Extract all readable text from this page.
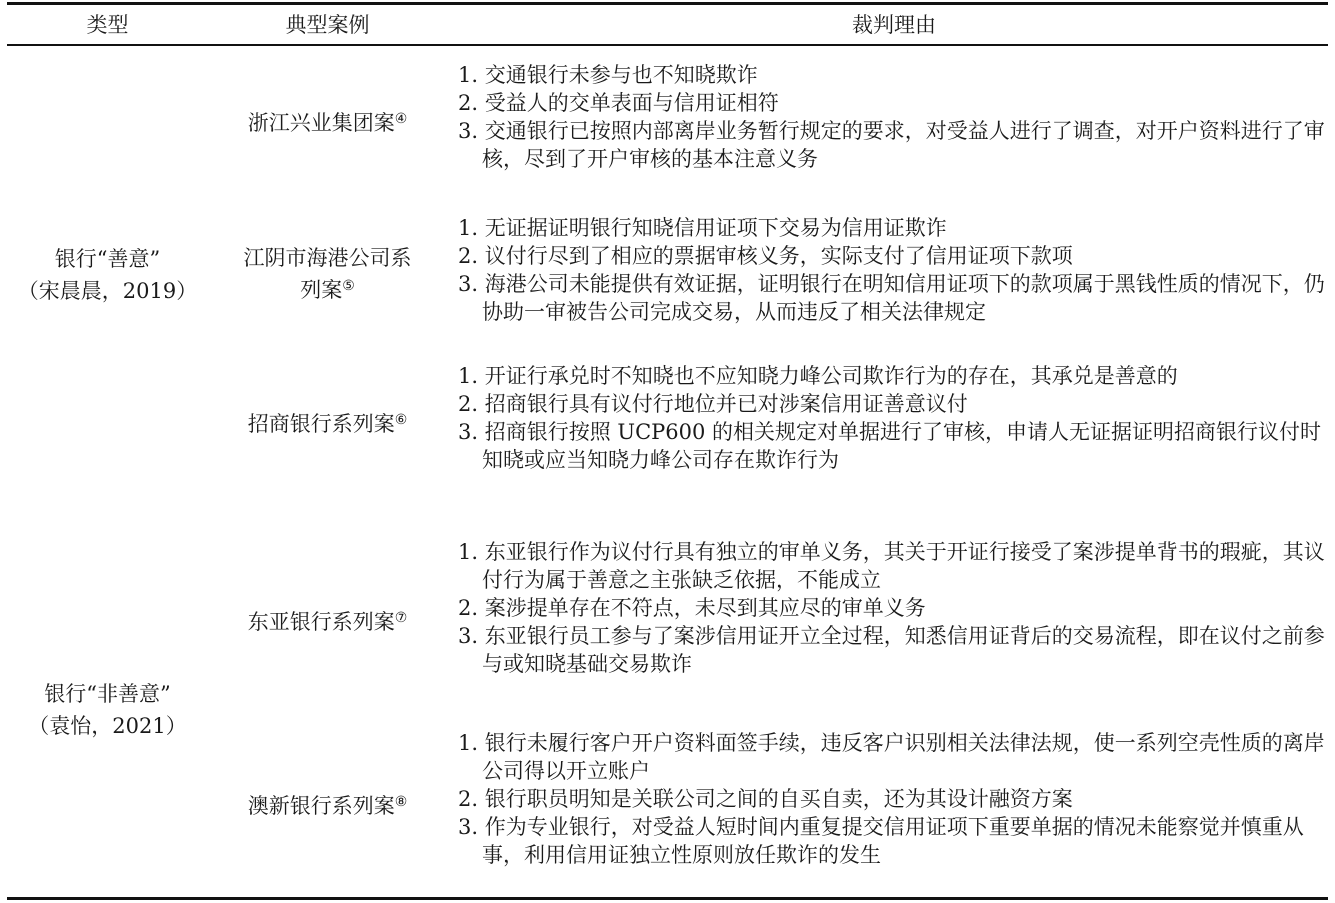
类型	典型案例	裁判理由
银行“善意”
（宋晨晨，2019）
浙江兴业集团案④
1. 交通银行未参与也不知晓欺诈
2. 受益人的交单表面与信用证相符
3. 交通银行已按照内部离岸业务暂行规定的要求，对受益人进行了调查，对开户资料进行了审核，尽到了开户审核的基本注意义务
江阴市海港公司系
列案⑤
1. 无证据证明银行知晓信用证项下交易为信用证欺诈
2. 议付行尽到了相应的票据审核义务，实际支付了信用证项下款项
3. 海港公司未能提供有效证据，证明银行在明知信用证项下的款项属于黑钱性质的情况下，仍协助一审被告公司完成交易，从而违反了相关法律规定
招商银行系列案⑥
1. 开证行承兑时不知晓也不应知晓力峰公司欺诈行为的存在，其承兑是善意的
2. 招商银行具有议付行地位并已对涉案信用证善意议付
3. 招商银行按照 UCP600 的相关规定对单据进行了审核，申请人无证据证明招商银行议付时知晓或应当知晓力峰公司存在欺诈行为
银行“非善意”
（袁怡，2021）
东亚银行系列案⑦
1. 东亚银行作为议付行具有独立的审单义务，其关于开证行接受了案涉提单背书的瑕疵，其议付行为属于善意之主张缺乏依据，不能成立
2. 案涉提单存在不符点，未尽到其应尽的审单义务
3. 东亚银行员工参与了案涉信用证开立全过程，知悉信用证背后的交易流程，即在议付之前参与或知晓基础交易欺诈
澳新银行系列案⑧
1. 银行未履行客户开户资料面签手续，违反客户识别相关法律法规，使一系列空壳性质的离岸公司得以开立账户
2. 银行职员明知是关联公司之间的自买自卖，还为其设计融资方案
3. 作为专业银行，对受益人短时间内重复提交信用证项下重要单据的情况未能察觉并慎重从事，利用信用证独立性原则放任欺诈的发生
